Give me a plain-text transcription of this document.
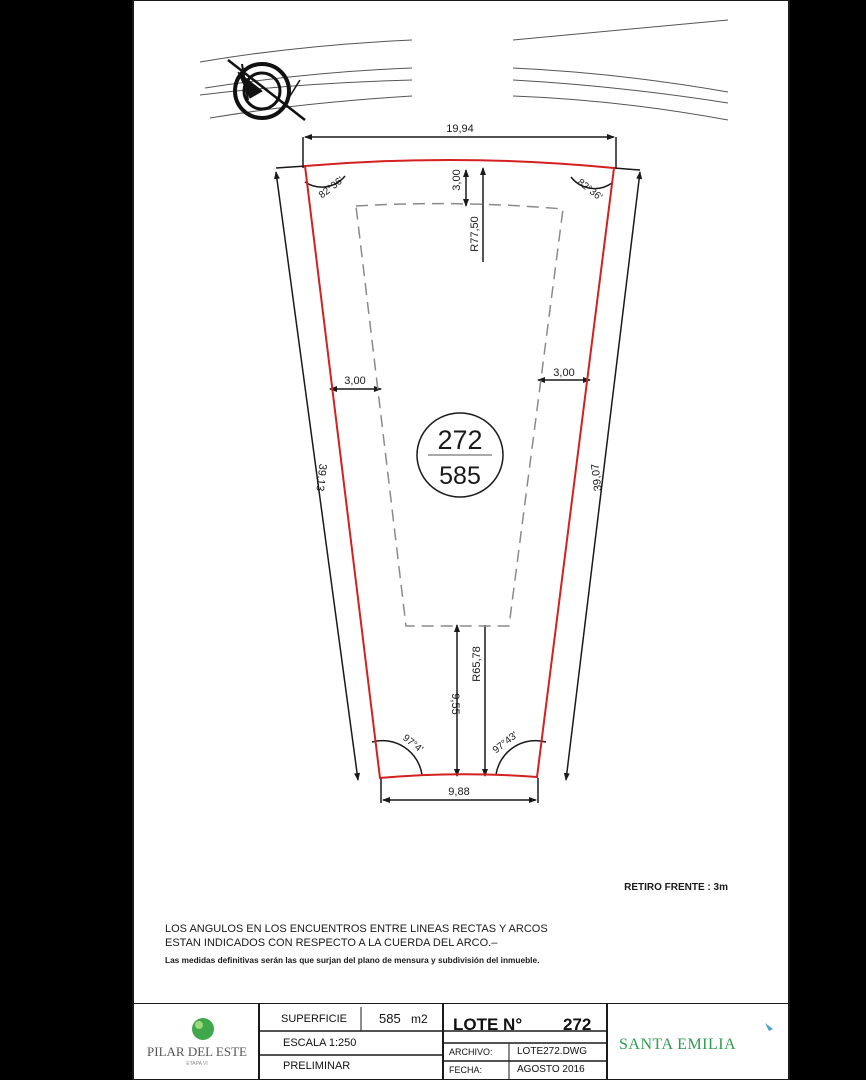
272
585
19,94
9,88
39,13	39,07
3,00
R77,50
3,00
3,00
9,55
R65,78
82°36'	82°36'
97°4'	97°43'
RETIRO FRENTE : 3m
LOS ANGULOS EN LOS ENCUENTROS ENTRE LINEAS RECTAS Y ARCOS
ESTAN INDICADOS CON RESPECTO A LA CUERDA DEL ARCO.–
Las medidas definitivas serán las que surjan del plano de mensura y subdivisión del inmueble.
PILAR DEL ESTE
ETAPA VI
SUPERFICIE 585 m2
ESCALA 1:250
PRELIMINAR
LOTE N° 272
ARCHIVO: LOTE272.DWG
FECHA:	AGOSTO 2016
SANTA EMILIA
